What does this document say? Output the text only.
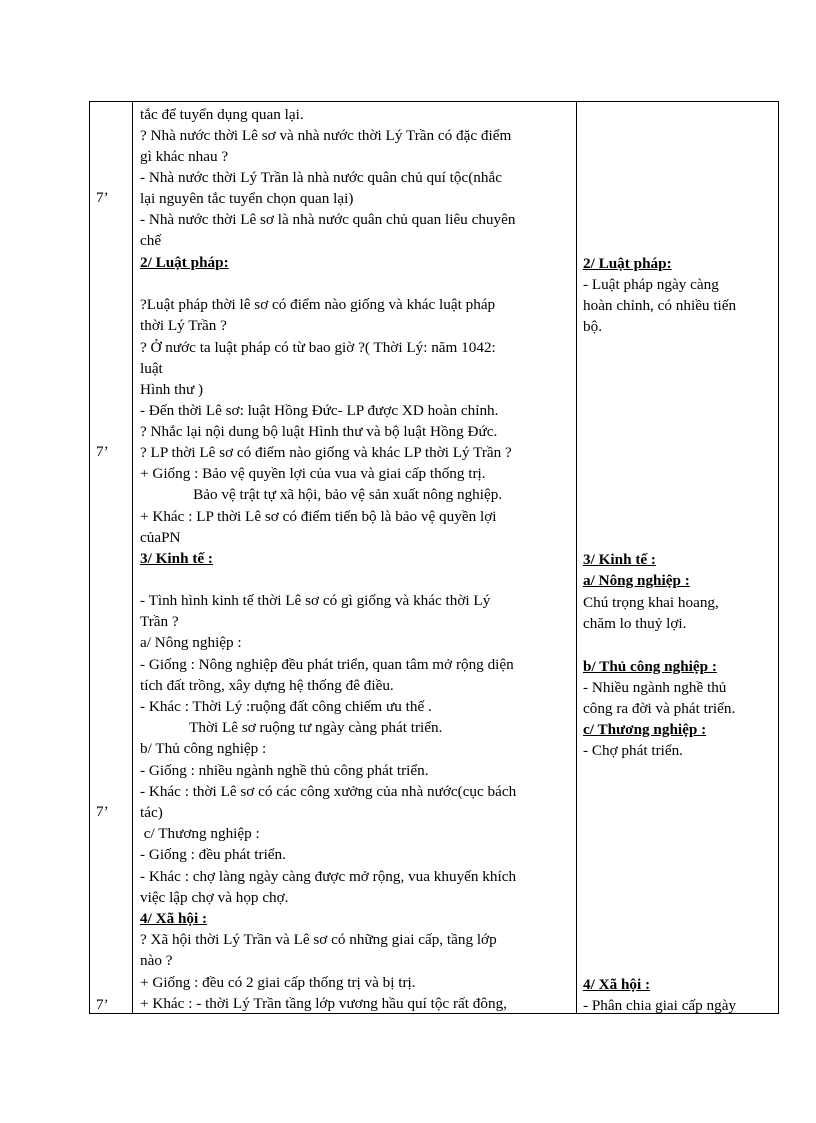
7’
7’
7’
7’
tắc để tuyển dụng quan lại.
? Nhà nước thời Lê sơ và nhà nước thời Lý Trần có đặc điểm
gì khác nhau ?
- Nhà nước thời Lý Trần là nhà nước quân chủ quí tộc(nhắc
lại nguyên tắc tuyển chọn quan lại)
- Nhà nước thời Lê sơ là nhà nước quân chủ quan liêu chuyên
chế
2/ Luật pháp:
?Luật pháp thời lê sơ có điểm nào giống và khác luật pháp
thời Lý Trần ?
? Ở nước ta luật pháp có từ bao giờ ?( Thời Lý: năm 1042:
luật
Hình thư )
- Đến thời Lê sơ: luật Hồng Đức- LP được XD hoàn chỉnh.
? Nhắc lại nội dung bộ luật Hình thư và bộ luật Hồng Đức.
? LP thời Lê sơ có điểm nào giống và khác LP thời Lý Trần ?
+ Giống : Bảo vệ quyền lợi của vua và giai cấp thống trị.
Bảo vệ trật tự xã hội, bảo vệ sản xuất nông nghiệp.
+ Khác : LP thời Lê sơ có điểm tiến bộ là bảo vệ quyền lợi
củaPN
3/ Kinh tế :
- Tình hình kinh tế thời Lê sơ có gì giống và khác thời Lý
Trần ?
a/ Nông nghiệp :
- Giống : Nông nghiệp đều phát triển, quan tâm mở rộng diện
tích đất trồng, xây dựng hệ thống đê điều.
- Khác : Thời Lý :ruộng đất công chiếm ưu thế .
Thời Lê sơ ruộng tư ngày càng phát triển.
b/ Thủ công nghiệp :
- Giống : nhiều ngành nghề thủ công phát triển.
- Khác : thời Lê sơ có các công xưởng của nhà nước(cục bách
tác)
c/ Thương nghiệp :
- Giống : đều phát triển.
- Khác : chợ làng ngày càng được mở rộng, vua khuyến khích
việc lập chợ và họp chợ.
4/ Xã hội :
? Xã hội thời Lý Trần và Lê sơ có những giai cấp, tầng lớp
nào ?
+ Giống : đều có 2 giai cấp thống trị và bị trị.
+ Khác : - thời Lý Trần tầng lớp vương hầu quí tộc rất đông,
2/ Luật pháp:
- Luật pháp ngày càng
hoàn chỉnh, có nhiều tiến
bộ.
3/ Kinh tế :
a/ Nông nghiệp :
Chú trọng khai hoang,
chăm lo thuỷ lợi.
b/ Thủ công nghiệp :
- Nhiều ngành nghề thủ
công ra đời và phát triển.
c/ Thương nghiệp :
- Chợ phát triển.
4/ Xã hội :
- Phân chia giai cấp ngày
